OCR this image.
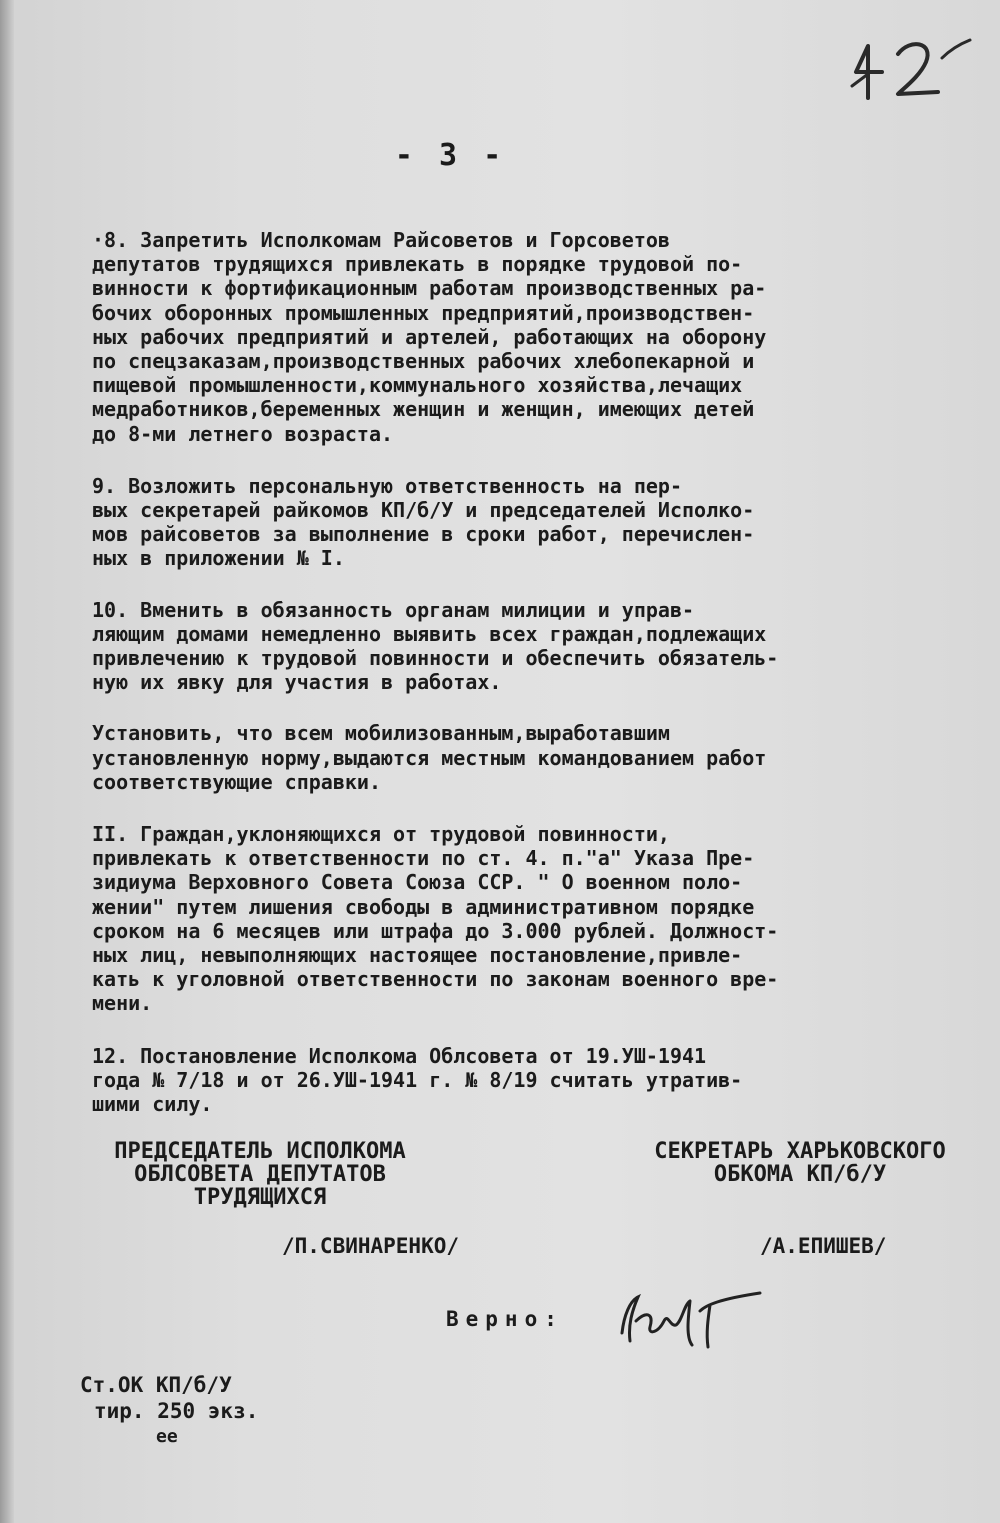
- 3 -

·8. Запретить Исполкомам Райсоветов и Горсоветов
депутатов трудящихся привлекать в порядке трудовой по-
винности к фортификационным работам производственных ра-
бочих оборонных промышленных предприятий,производствен-
ных рабочих предприятий и артелей, работающих на оборону
по спецзаказам,производственных рабочих хлебопекарной и
пищевой промышленности,коммунального хозяйства,лечащих
медработников,беременных женщин и женщин, имеющих детей
до 8-ми летнего возраста.

9. Возложить персональную ответственность на пер-
вых секретарей райкомов КП/б/У и председателей Исполко-
мов райсоветов за выполнение в сроки работ, перечислен-
ных в приложении № I.

10. Вменить в обязанность органам милиции и управ-
ляющим домами немедленно выявить всех граждан,подлежащих
привлечению к трудовой повинности и обеспечить обязатель-
ную их явку для участия в работах.

Установить, что всем мобилизованным,выработавшим
установленную норму,выдаются местным командованием работ
соответствующие справки.

II. Граждан,уклоняющихся от трудовой повинности,
привлекать к ответственности по ст. 4. п."а" Указа Пре-
зидиума Верховного Совета Союза ССР. " О военном поло-
жении" путем лишения свободы в административном порядке
сроком на 6 месяцев или штрафа до 3.000 рублей. Должност-
ных лиц, невыполняющих настоящее постановление,привле-
кать к уголовной ответственности по законам военного вре-
мени.

12. Постановление Исполкома Облсовета от 19.УШ-1941
года № 7/18 и от 26.УШ-1941 г. № 8/19 считать утратив-
шими силу.

ПРЕДСЕДАТЕЛЬ ИСПОЛКОМА
ОБЛСОВЕТА ДЕПУТАТОВ
ТРУДЯЩИХСЯ
СЕКРЕТАРЬ ХАРЬКОВСКОГО
ОБКОМА КП/б/У
/П.СВИНАРЕНКО/	/А.ЕПИШЕВ/
Верно:
Ст.ОК КП/б/У
тир. 250 экз.
ее
